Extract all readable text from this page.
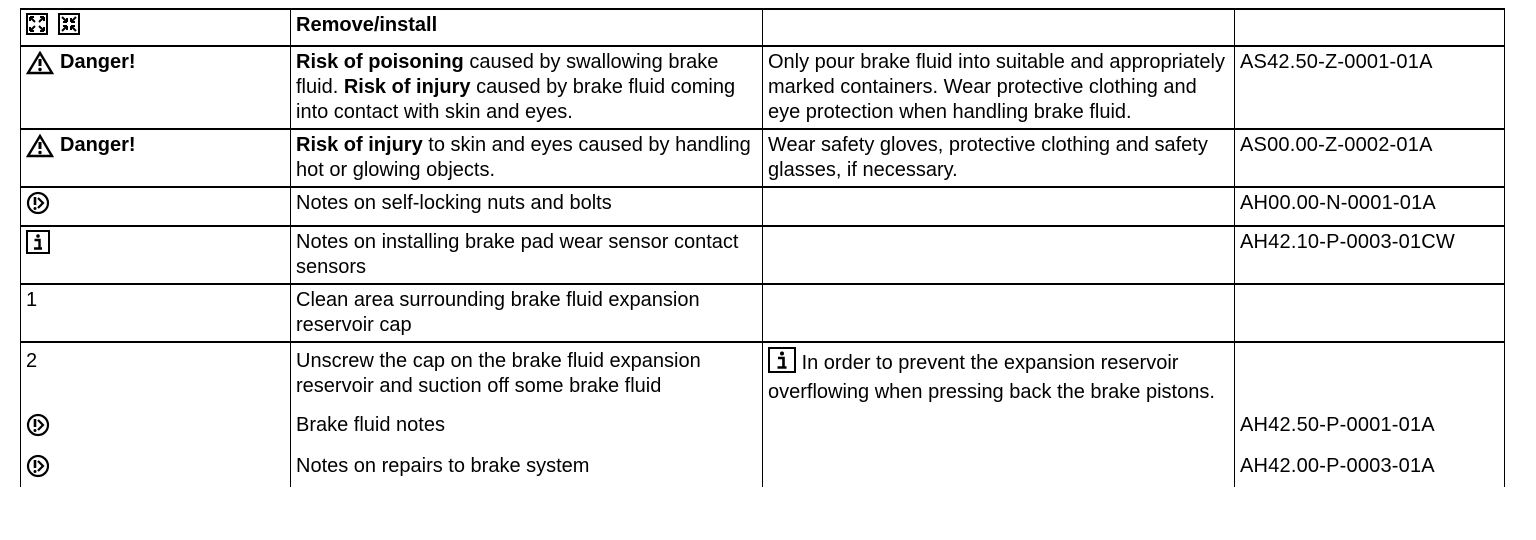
	Remove/install		

Danger!	Risk of poisoning caused by swallowing brake fluid. Risk of injury caused by brake fluid coming into contact with skin and eyes.	Only pour brake fluid into suitable and appropriately marked containers. Wear protective clothing and eye protection when handling brake fluid.	AS42.50-Z-0001-01A

Danger!	Risk of injury to skin and eyes caused by handling hot or glowing objects.	Wear safety gloves, protective clothing and safety glasses, if necessary.	AS00.00-Z-0002-01A
	Notes on self-locking nuts and bolts		AH00.00-N-0001-01A
	Notes on installing brake pad wear sensor contact sensors		AH42.10-P-0003-01CW
1	Clean area surrounding brake fluid expansion reservoir cap		
2	Unscrew the cap on the brake fluid expansion reservoir and suction off some brake fluid	In order to prevent the expansion reservoir overflowing when pressing back the brake pistons.	
	Brake fluid notes		AH42.50-P-0001-01A
	Notes on repairs to brake system		AH42.00-P-0003-01A
